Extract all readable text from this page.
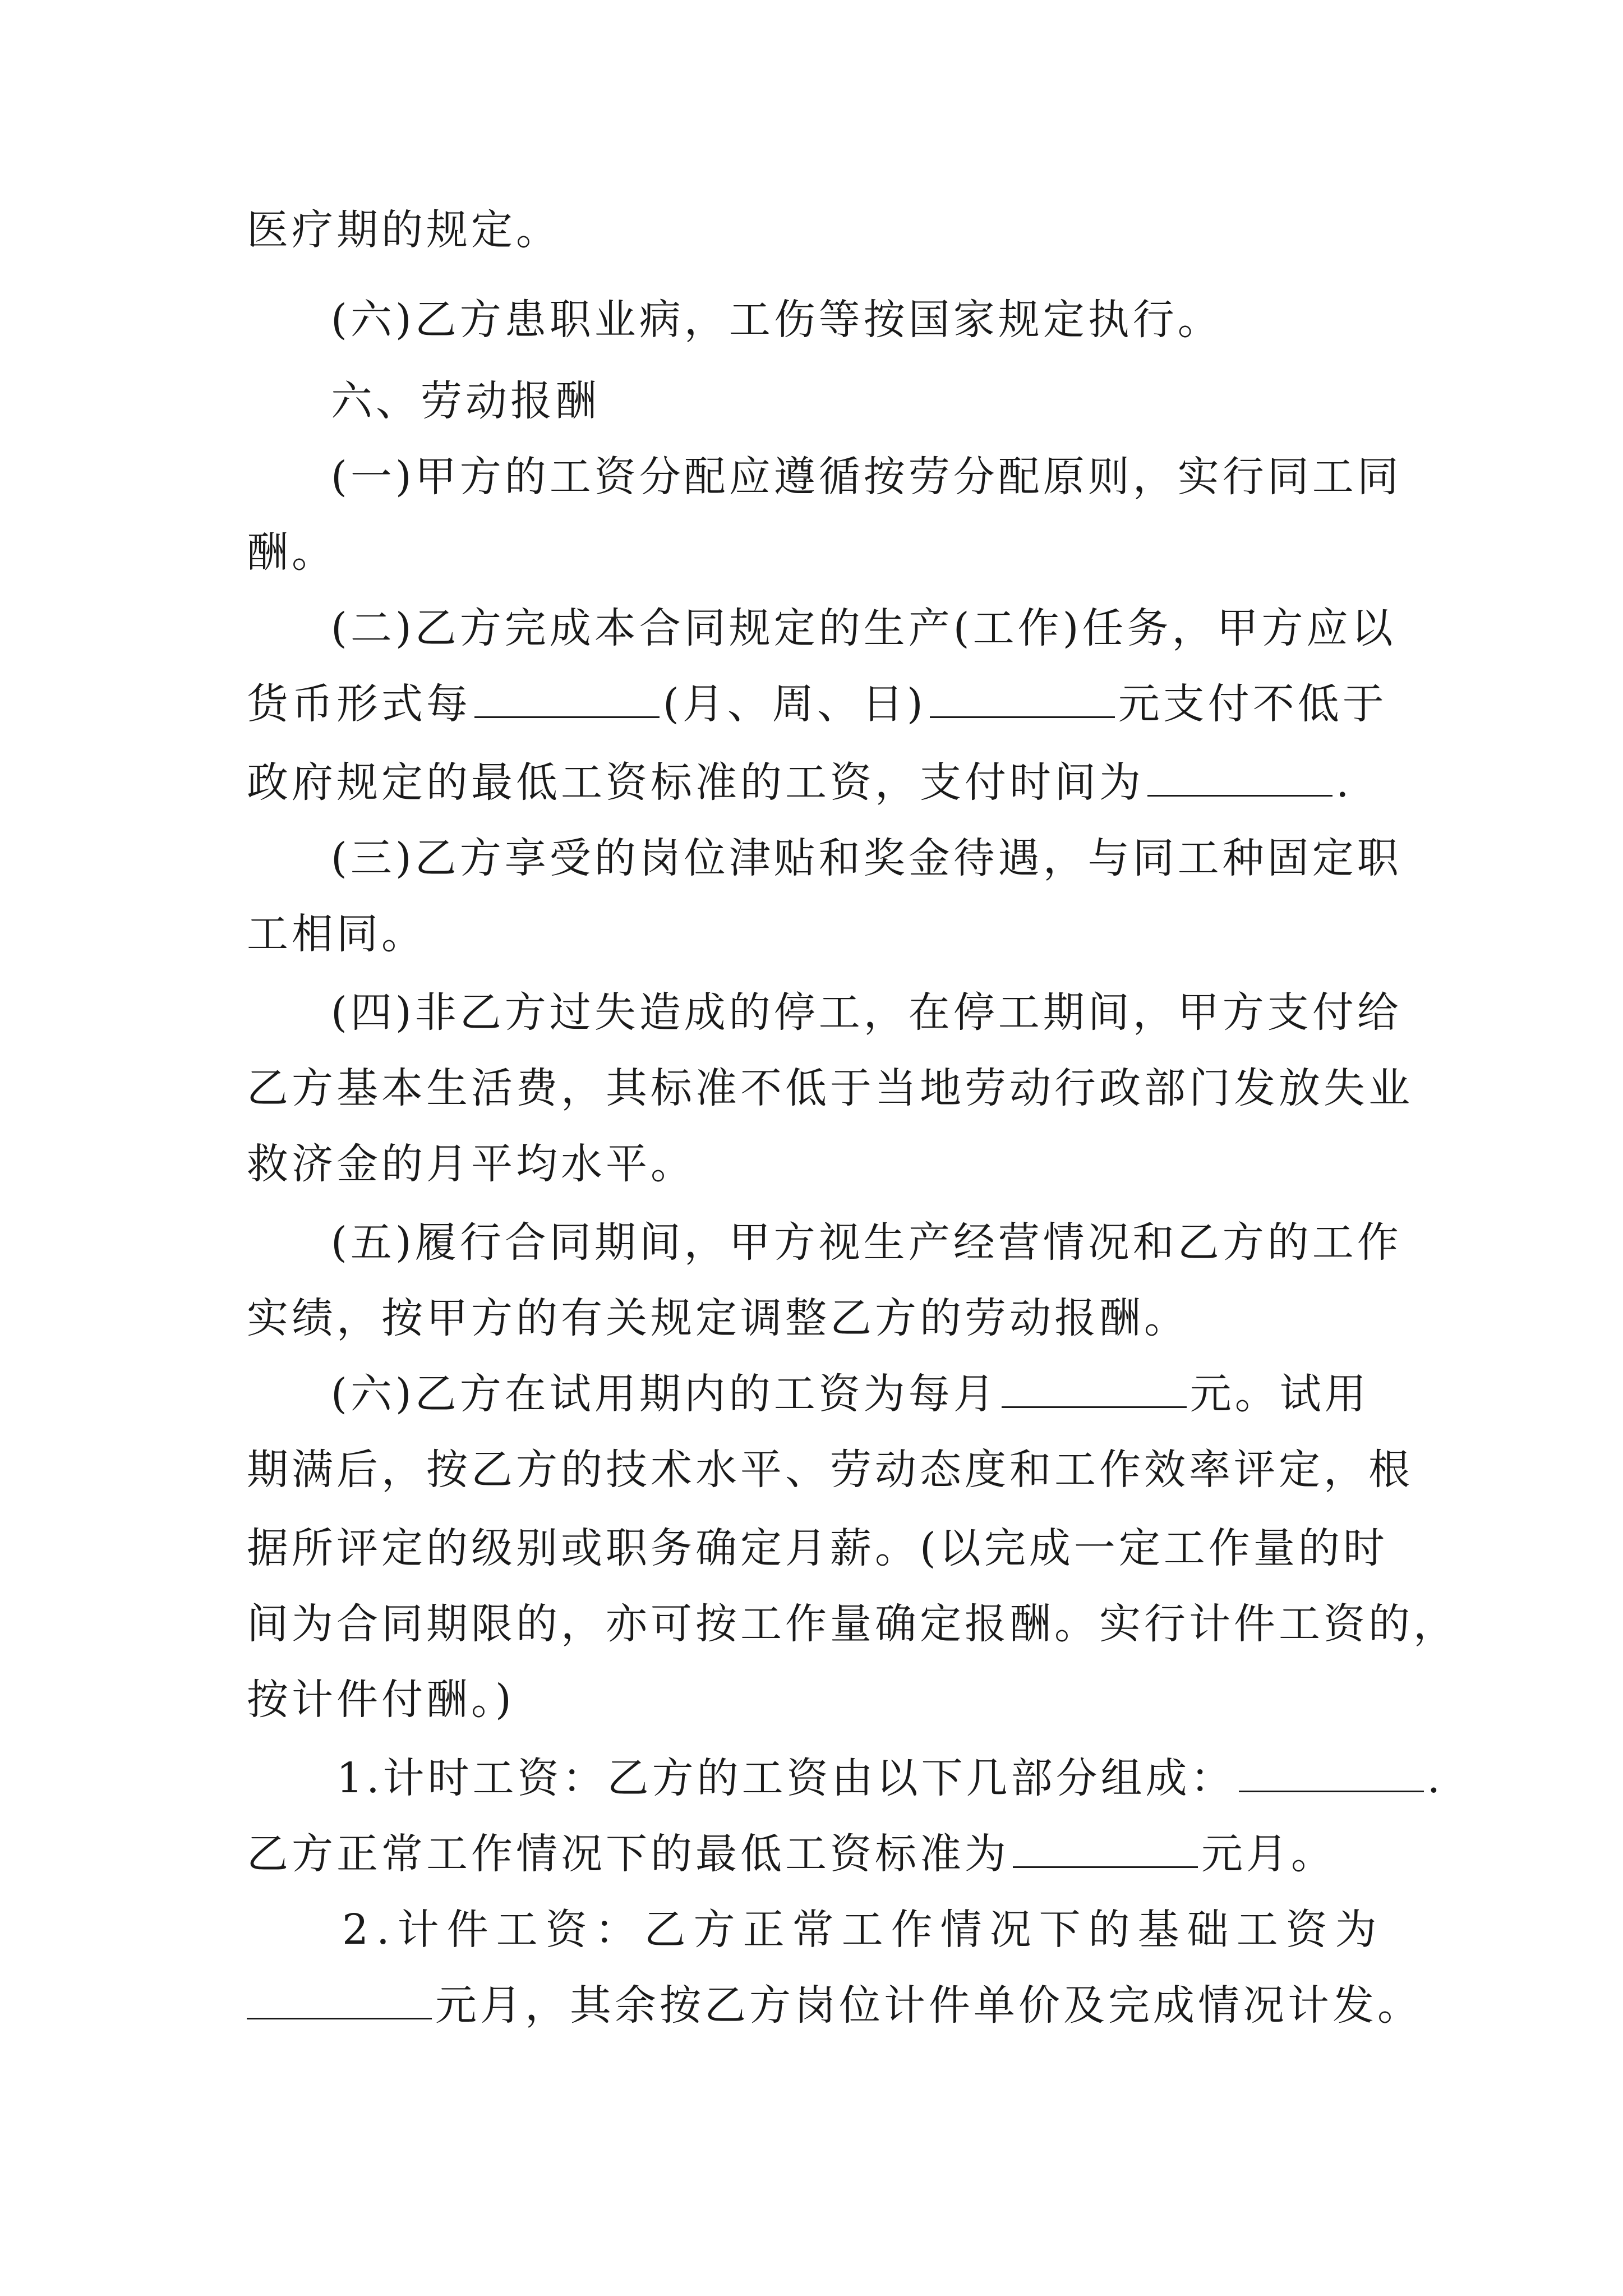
医疗期的规定。
(六)乙方患职业病，工伤等按国家规定执行。
六、劳动报酬
(一)甲方的工资分配应遵循按劳分配原则，实行同工同
酬。
(二)乙方完成本合同规定的生产(工作)任务，甲方应以
货币形式每	(月、周、日)	元支付不低于
政府规定的最低工资标准的工资，支付时间为	.
(三)乙方享受的岗位津贴和奖金待遇，与同工种固定职
工相同。
(四)非乙方过失造成的停工，在停工期间，甲方支付给
乙方基本生活费，其标准不低于当地劳动行政部门发放失业
救济金的月平均水平。
(五)履行合同期间，甲方视生产经营情况和乙方的工作
实绩，按甲方的有关规定调整乙方的劳动报酬。
(六)乙方在试用期内的工资为每月	元。试用
期满后，按乙方的技术水平、劳动态度和工作效率评定，根
据所评定的级别或职务确定月薪。(以完成一定工作量的时
间为合同期限的，亦可按工作量确定报酬。实行计件工资的，
按计件付酬。)
1.计时工资：乙方的工资由以下几部分组成：	.
乙方正常工作情况下的最低工资标准为	元月。
2.计件工资：乙方正常工作情况下的基础工资为
元月，其余按乙方岗位计件单价及完成情况计发。
